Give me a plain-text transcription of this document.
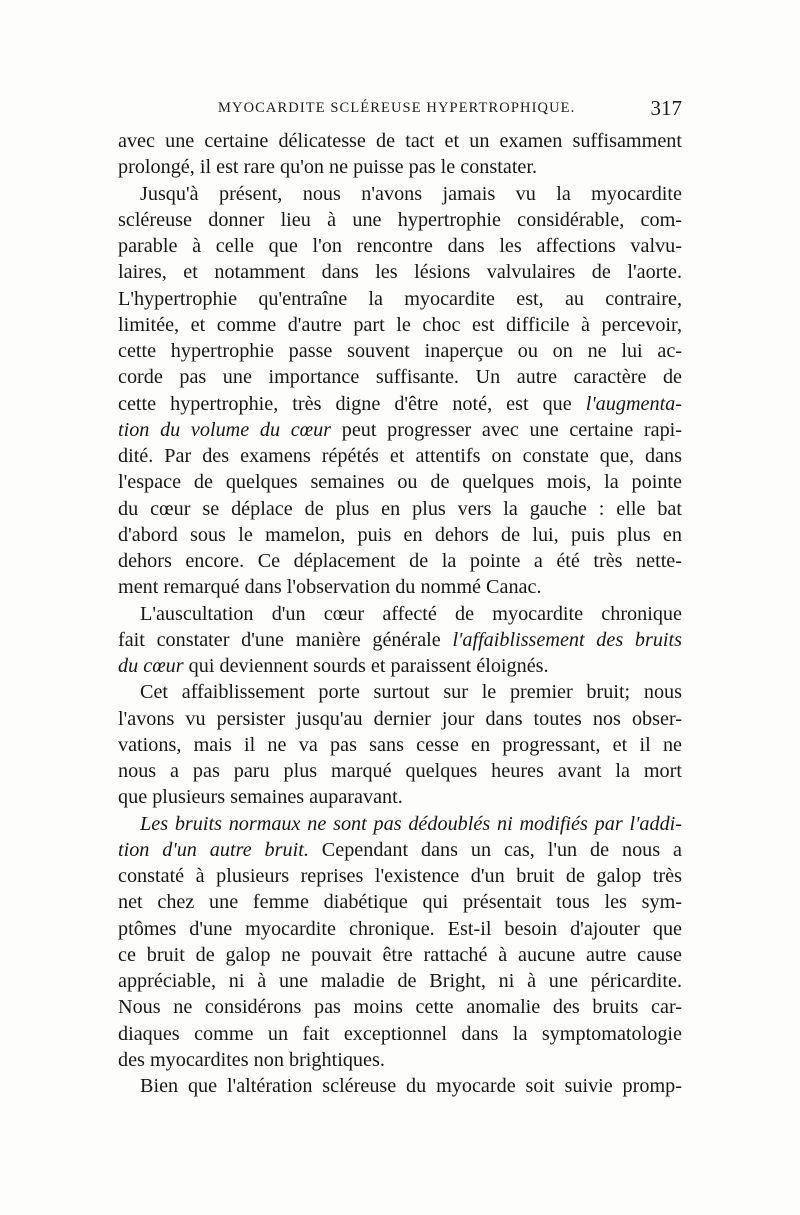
MYOCARDITE SCLÉREUSE HYPERTROPHIQUE.	317
avec une certaine délicatesse de tact et un examen suffisamment
prolongé, il est rare qu'on ne puisse pas le constater.
Jusqu'à présent, nous n'avons jamais vu la myocardite
scléreuse donner lieu à une hypertrophie considérable, com-
parable à celle que l'on rencontre dans les affections valvu-
laires, et notamment dans les lésions valvulaires de l'aorte.
L'hypertrophie qu'entraîne la myocardite est, au contraire,
limitée, et comme d'autre part le choc est difficile à percevoir,
cette hypertrophie passe souvent inaperçue ou on ne lui ac-
corde pas une importance suffisante. Un autre caractère de
cette hypertrophie, très digne d'être noté, est que l'augmenta-
tion du volume du cœur peut progresser avec une certaine rapi-
dité. Par des examens répétés et attentifs on constate que, dans
l'espace de quelques semaines ou de quelques mois, la pointe
du cœur se déplace de plus en plus vers la gauche : elle bat
d'abord sous le mamelon, puis en dehors de lui, puis plus en
dehors encore. Ce déplacement de la pointe a été très nette-
ment remarqué dans l'observation du nommé Canac.
L'auscultation d'un cœur affecté de myocardite chronique
fait constater d'une manière générale l'affaiblissement des bruits
du cœur qui deviennent sourds et paraissent éloignés.
Cet affaiblissement porte surtout sur le premier bruit; nous
l'avons vu persister jusqu'au dernier jour dans toutes nos obser-
vations, mais il ne va pas sans cesse en progressant, et il ne
nous a pas paru plus marqué quelques heures avant la mort
que plusieurs semaines auparavant.
Les bruits normaux ne sont pas dédoublés ni modifiés par l'addi-
tion d'un autre bruit. Cependant dans un cas, l'un de nous a
constaté à plusieurs reprises l'existence d'un bruit de galop très
net chez une femme diabétique qui présentait tous les sym-
ptômes d'une myocardite chronique. Est-il besoin d'ajouter que
ce bruit de galop ne pouvait être rattaché à aucune autre cause
appréciable, ni à une maladie de Bright, ni à une péricardite.
Nous ne considérons pas moins cette anomalie des bruits car-
diaques comme un fait exceptionnel dans la symptomatologie
des myocardites non brightiques.
Bien que l'altération scléreuse du myocarde soit suivie promp-
